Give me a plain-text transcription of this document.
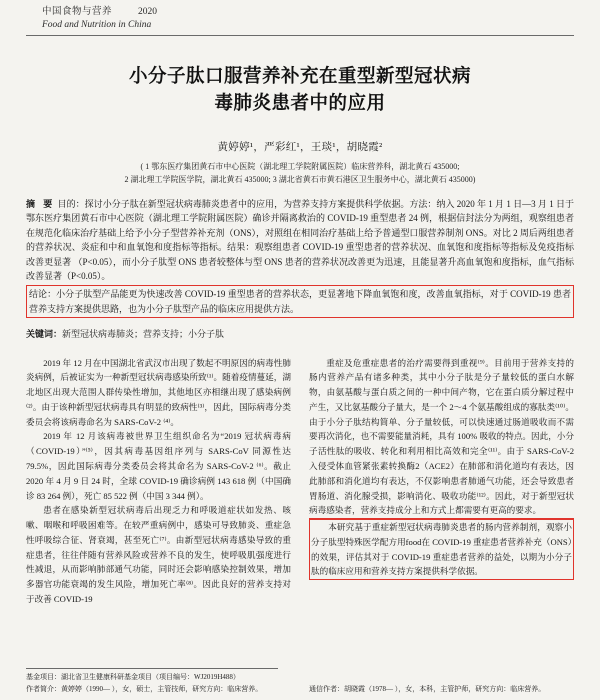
中国食物与营养	2020
Food and Nutrition in China
小分子肽口服营养补充在重型新型冠状病
毒肺炎患者中的应用
黄婷婷¹，严彩红¹，王琰¹，胡晓霞²
( 1 鄂东医疗集团黄石市中心医院（湖北理工学院附属医院）临床营养科，湖北黄石 435000;
2 湖北理工学院医学院，湖北黄石 435000; 3 湖北省黄石市黄石港区卫生服务中心，湖北黄石 435000)
摘 要 目的：探讨小分子肽在新型冠状病毒肺炎患者中的应用，为营养支持方案提供科学依据。方法：纳入 2020 年 1 月 1 日—3 月 1 日于鄂东医疗集团黄石市中心医院（湖北理工学院附属医院）确诊并隔离救治的 COVID-19 重型患者 24 例，根据信封法分为两组，观察组患者在规范化临床治疗基础上给予小分子型营养补充剂（ONS），对照组在相同治疗基础上给予普通型口服营养制剂 ONS。对比 2 周后两组患者的营养状况、炎症和中和血氧饱和度指标等指标。结果：观察组患者 COVID-19 重型患者的营养状况、血氧饱和度指标等指标及免疫指标改善更显著 （P<0.05），而小分子肽型 ONS 患者较整体与型 ONS 患者的营养状况改善更为迅速，且能显著升高血氧饱和度指标，血气指标改善显著（P<0.05）。
结论：小分子肽型产品能更为快速改善 COVID-19 重型患者的营养状态，更显著地下降血氧饱和度，改善血氧指标，对于 COVID-19 患者营养支持方案提供思路，也为小分子肽型产品的临床应用提供方法。
关键词：新型冠状病毒肺炎；营养支持；小分子肽

2019 年 12 月在中国湖北省武汉市出现了数起不明原因的病毒性肺炎病例，后被证实为一种新型冠状病毒感染所致⁽¹⁾。随着疫情蔓延，湖北地区出现大范围人群传染性增加，其他地区亦相继出现了感染病例⁽²⁾。由于该种新型冠状病毒具有明显的致病性⁽³⁾，因此，国际病毒分类委员会将该病毒命名为 SARS-CoV-2 ⁽⁴⁾。

2019 年 12 月该病毒被世界卫生组织命名为“2019 冠状病毒病（COVID-19）”⁽⁵⁾，因其病毒基因组序列与 SARS-CoV 同源性达 79.5%，因此国际病毒分类委员会将其命名为 SARS-CoV-2 ⁽⁶⁾。截止 2020 年 4 月 9 日 24 时，全球 COVID-19 确诊病例 143 618 例（中国确诊 83 264 例），死亡 85 522 例（中国 3 344 例）。

患者在感染新型冠状病毒后出现乏力和呼吸道症状如发热、咳嗽、咽喉和呼吸困难等。在较严重病例中，感染可导致肺炎、重症急性呼吸综合征、肾衰竭，甚至死亡⁽⁷⁾。由新型冠状病毒感染导致的重症患者，往往伴随有营养风险或营养不良的发生，使呼吸肌强度进行性减退，从而影响肺部通气功能，同时还会影响感染控制效果，增加多器官功能衰竭的发生风险，增加死亡率⁽⁸⁾。因此良好的营养支持对于改善 COVID-19

重症及危重症患者的治疗需要得到重视⁽⁹⁾。目前用于营养支持的肠内营养产品有诸多种类，其中小分子肽是分子量较低的蛋白水解物，由氨基酸与蛋白质之间的一种中间产物，它在蛋白质分解过程中产生，又比氨基酸分子量大，是一个 2～4 个氨基酸组成的寡肽类⁽¹⁰⁾。由于小分子肽结构简单、分子量较低，可以快速通过肠道吸收而不需要再次消化，也不需要能量消耗，具有 100% 吸收的特点。因此，小分子活性肽的吸收、转化和利用相比高效和完全⁽¹¹⁾。由于 SARS-CoV-2 入侵受体血管紧张素转换酶2（ACE2）在肺部和消化道均有表达，因此肺部和消化道均有表达，不仅影响患者肺通气功能，还会导致患者胃肠道、消化腺受损，影响消化、吸收功能⁽¹²⁾。因此，对于新型冠状病毒感染者，营养支持成分上和方式上都需要有更高的要求。

本研究基于重症新型冠状病毒肺炎患者的肠内营养制剂，观察小分子肽型特殊医学配方用food在 COVID-19 重症患者营养补充（ONS）的效果，评估其对于 COVID-19 重症患者营养的益处，以期为小分子肽的临床应用和营养支持方案提供科学依据。

基金项目：湖北省卫生健康科研基金项目（项目编号：WJ2019H488）
作者简介：黄婷婷（1990— ），女，硕士，主管技师，研究方向：临床营养。	通信作者：胡晓霞（1978— ），女，本科，主管护师，研究方向：临床营养。
